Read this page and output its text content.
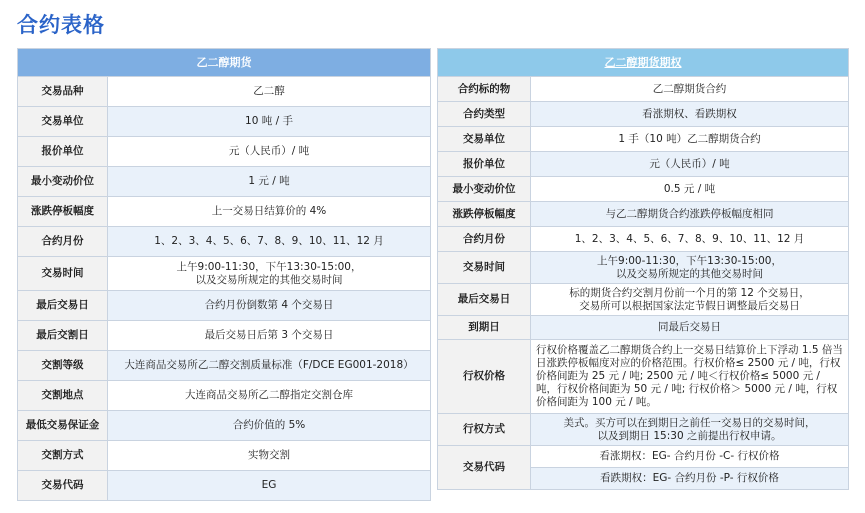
合约表格
乙二醇期货	
交易品种	乙二醇
交易单位	10 吨 / 手
报价单位	元（人民币）/ 吨
最小变动价位	1 元 / 吨
涨跌停板幅度	上一交易日结算价的 4%
合约月份	1、2、3、4、5、6、7、8、9、10、11、12 月
交易时间	上午9:00-11:30，下午13:30-15:00，
以及交易所规定的其他交易时间

最后交易日	合约月份倒数第 4 个交易日
最后交割日	最后交易日后第 3 个交易日
交割等级	大连商品交易所乙二醇交割质量标准（F/DCE EG001-2018）
交割地点	大连商品交易所乙二醇指定交割仓库
最低交易保证金	合约价值的 5%
交割方式	实物交割
交易代码	EG
乙二醇期货期权	
合约标的物	乙二醇期货合约
合约类型	看涨期权、看跌期权
交易单位	1 手（10 吨）乙二醇期货合约
报价单位	元（人民币）/ 吨
最小变动价位	0.5 元 / 吨
涨跌停板幅度	与乙二醇期货合约涨跌停板幅度相同
合约月份	1、2、3、4、5、6、7、8、9、10、11、12 月
交易时间	上午9:00-11:30，下午13:30-15:00，
以及交易所规定的其他交易时间

最后交易日	标的期货合约交割月份前一个月的第 12 个交易日，
交易所可以根据国家法定节假日调整最后交易日

到期日	同最后交易日
行权价格	行权价格覆盖乙二醇期货合约上一交易日结算价上下浮动 1.5 倍当日涨跌停板幅度对应的价格范围。行权价格≤ 2500 元 / 吨，行权价格间距为 25 元 / 吨; 2500 元 / 吨＜行权价格≤ 5000 元 / 吨，行权价格间距为 50 元 / 吨; 行权价格＞ 5000 元 / 吨，行权价格间距为 100 元 / 吨。
行权方式	美式。买方可以在到期日之前任一交易日的交易时间，
以及到期日 15:30 之前提出行权申请。

交易代码	看涨期权：EG- 合约月份 -C- 行权价格
	看跌期权：EG- 合约月份 -P- 行权价格
